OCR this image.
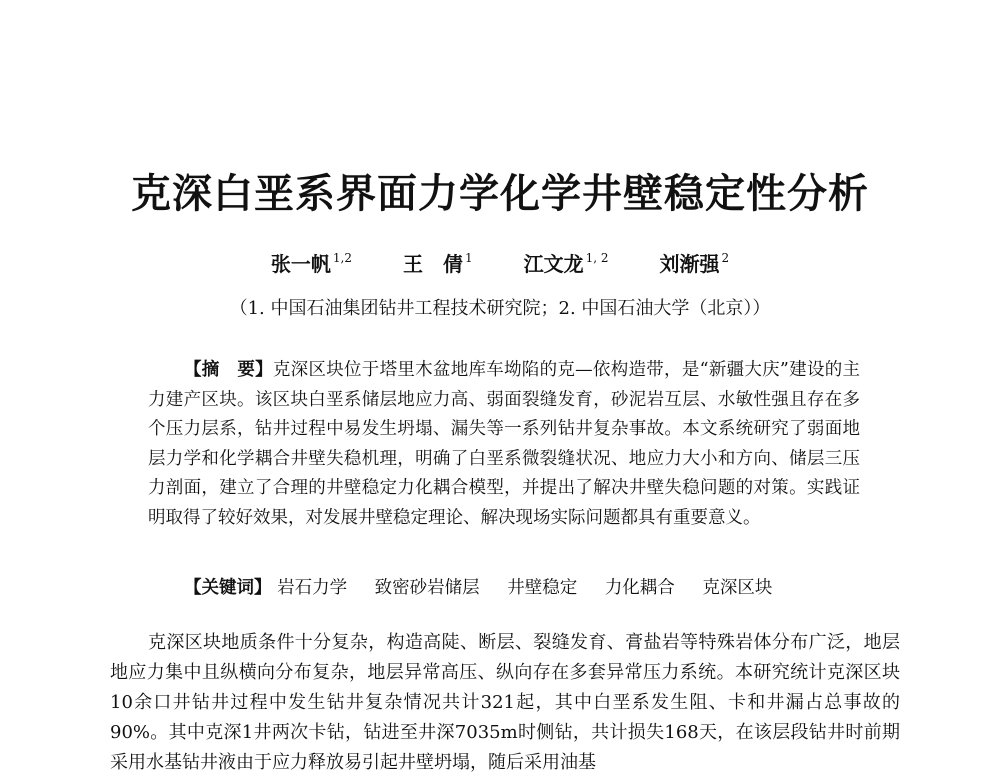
克深白垩系界面力学化学井壁稳定性分析
张一帆 $^{1,2}$	王　倩 $^1$	江文龙 $^{1, 2}$	刘渐强 $^2$
（1. 中国石油集团钻井工程技术研究院；2. 中国石油大学（北京））

【摘　要】克深区块位于塔里木盆地库车坳陷的克—依构造带，是“新疆大庆”建设的主力建产区块。该区块白垩系储层地应力高、弱面裂缝发育，砂泥岩互层、水敏性强且存在多个压力层系，钻井过程中易发生坍塌、漏失等一系列钻井复杂事故。本文系统研究了弱面地层力学和化学耦合井壁失稳机理，明确了白垩系微裂缝状况、地应力大小和方向、储层三压力剖面，建立了合理的井壁稳定力化耦合模型，并提出了解决井壁失稳问题的对策。实践证明取得了较好效果，对发展井壁稳定理论、解决现场实际问题都具有重要意义。

【关键词】 岩石力学 致密砂岩储层 井壁稳定 力化耦合 克深区块

克深区块地质条件十分复杂，构造高陡、断层、裂缝发育、膏盐岩等特殊岩体分布广泛，地层地应力集中且纵横向分布复杂，地层异常高压、纵向存在多套异常压力系统。本研究统计克深区块10余口井钻井过程中发生钻井复杂情况共计321起，其中白垩系发生阻、卡和井漏占总事故的90%。其中克深1井两次卡钻，钻进至井深7035m时侧钻，共计损失168天，在该层段钻井时前期采用水基钻井液由于应力释放易引起井壁坍塌，随后采用油基
